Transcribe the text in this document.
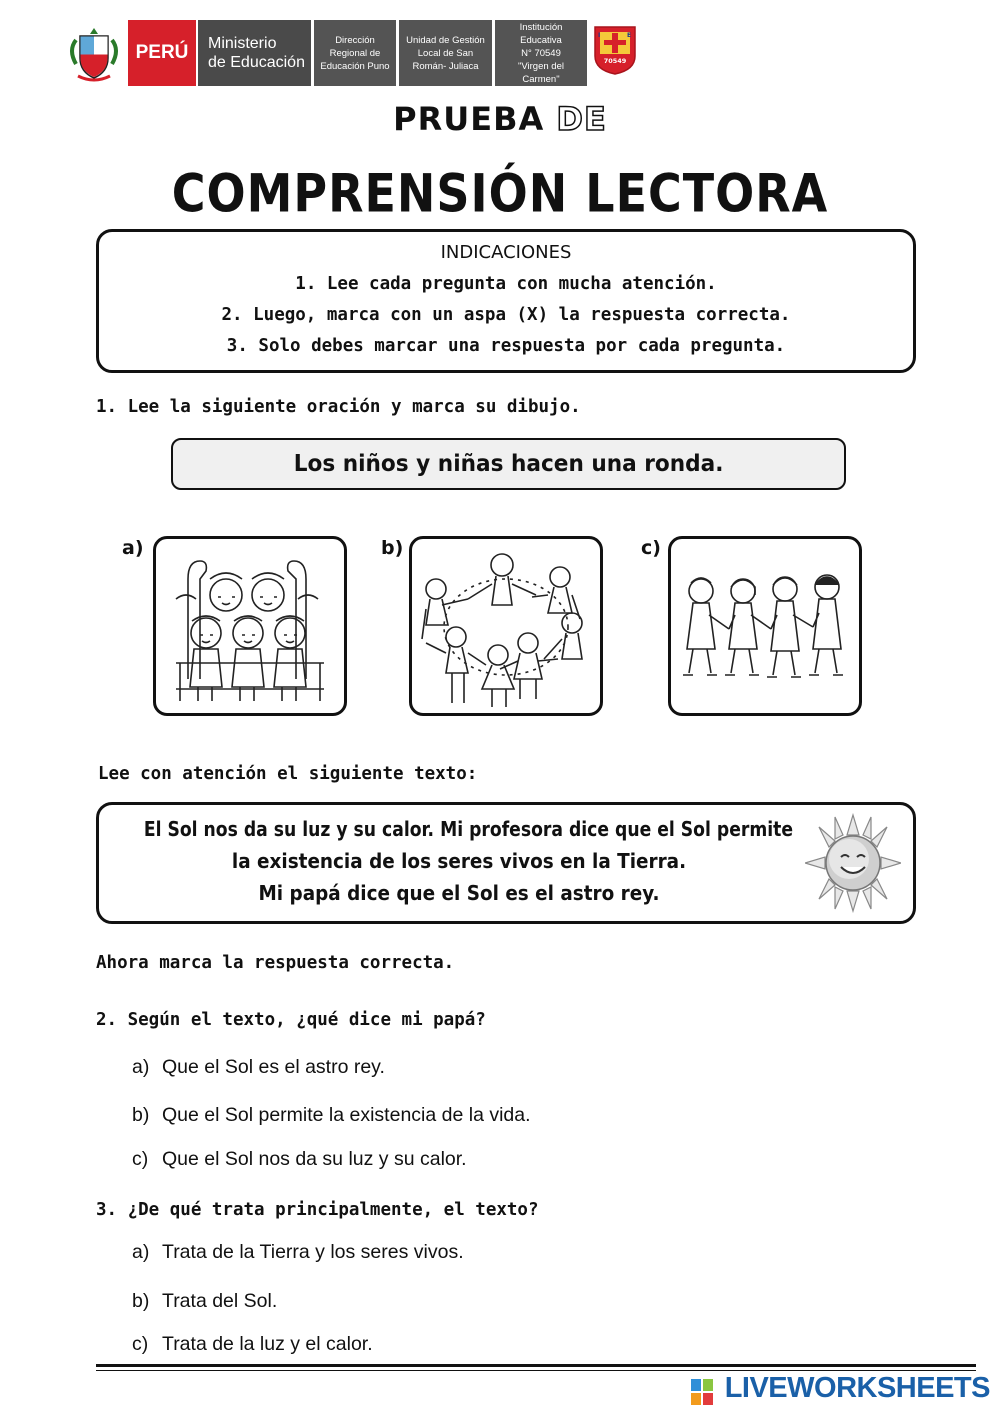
PERÚ	Ministerio
de Educación
Dirección
Regional de
Educación Puno
Unidad de Gestión
Local de San
Román- Juliaca
Institución Educativa
N° 70549
"Virgen del Carmen"
I	E
70549
PRUEBA DE
COMPRENSIÓN LECTORA
INDICACIONES
1. Lee cada pregunta con mucha atención.
2. Luego, marca con un aspa (X) la respuesta correcta.
3. Solo debes marcar una respuesta por cada pregunta.
1. Lee la siguiente oración y marca su dibujo.
Los niños y niñas hacen una ronda.
a)	b)	c)
Lee con atención el siguiente texto:
El Sol nos da su luz y su calor. Mi profesora dice que el Sol permite
la existencia de los seres vivos en la Tierra.
Mi papá dice que el Sol es el astro rey.
Ahora marca la respuesta correcta.
2. Según el texto, ¿qué dice mi papá?
a) Que el Sol es el astro rey.
b) Que el Sol permite la existencia de la vida.
c) Que el Sol nos da su luz y su calor.
3. ¿De qué trata principalmente, el texto?
a) Trata de la Tierra y los seres vivos.
b) Trata del Sol.
c) Trata de la luz y el calor.
LIVEWORKSHEETS
